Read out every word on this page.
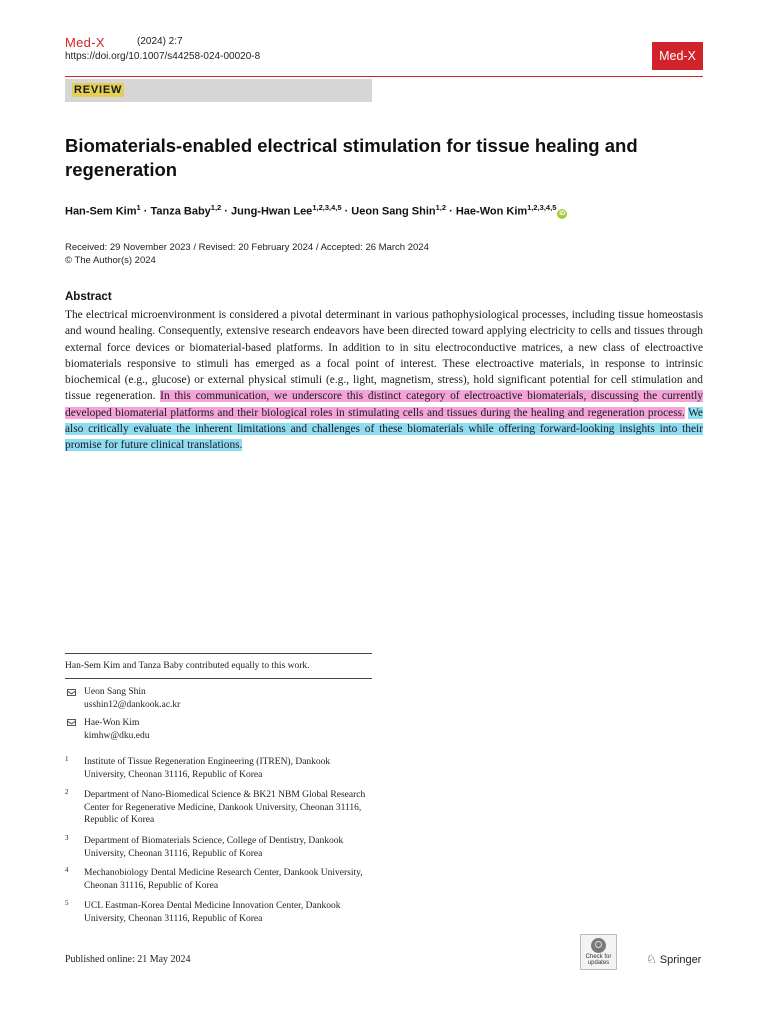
Med-X	(2024) 2:7
https://doi.org/10.1007/s44258-024-00020-8	Med-X
REVIEW
Biomaterials-enabled electrical stimulation for tissue healing and regeneration
Han-Sem Kim$^1$ · Tanza Baby$^{1,2}$ · Jung-Hwan Lee$^{1,2,3,4,5}$ · Ueon Sang Shin$^{1,2}$ · Hae-Won Kim$^{1,2,3,4,5}$iD
Received: 29 November 2023 / Revised: 20 February 2024 / Accepted: 26 March 2024
© The Author(s) 2024
Abstract
The electrical microenvironment is considered a pivotal determinant in various pathophysiological processes, including tissue homeostasis and wound healing. Consequently, extensive research endeavors have been directed toward applying electricity to cells and tissues through external force devices or biomaterial-based platforms. In addition to in situ electroconductive matrices, a new class of electroactive biomaterials responsive to stimuli has emerged as a focal point of interest. These electroactive materials, in response to intrinsic biochemical (e.g., glucose) or external physical stimuli (e.g., light, magnetism, stress), hold significant potential for cell stimulation and tissue regeneration. In this communication, we underscore this distinct category of electroactive biomaterials, discussing the currently developed biomaterial platforms and their biological roles in stimulating cells and tissues during the healing and regeneration process. We also critically evaluate the inherent limitations and challenges of these biomaterials while offering forward-looking insights into their promise for future clinical translations.
Han-Sem Kim and Tanza Baby contributed equally to this work.
Ueon Sang Shin
usshin12@dankook.ac.kr
Hae-Won Kim
kimhw@dku.edu
1 Institute of Tissue Regeneration Engineering (ITREN), Dankook University, Cheonan 31116, Republic of Korea
2 Department of Nano-Biomedical Science & BK21 NBM Global Research Center for Regenerative Medicine, Dankook University, Cheonan 31116, Republic of Korea
3 Department of Biomaterials Science, College of Dentistry, Dankook University, Cheonan 31116, Republic of Korea
4 Mechanobiology Dental Medicine Research Center, Dankook University, Cheonan 31116, Republic of Korea
5 UCL Eastman-Korea Dental Medicine Innovation Center, Dankook University, Cheonan 31116, Republic of Korea
Published online: 21 May 2024	Check for updates	♘ Springer
